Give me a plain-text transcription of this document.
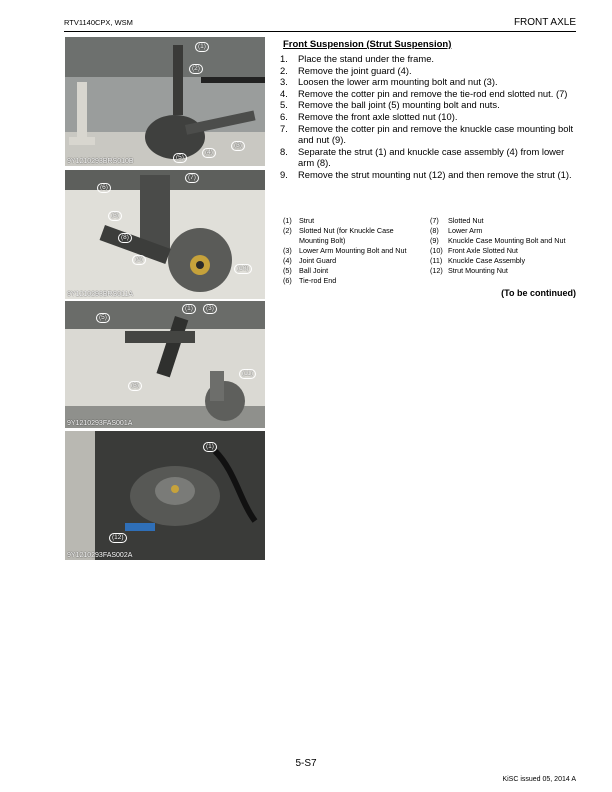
RTV1140CPX, WSM	FRONT AXLE
(1)
(2)
(3)
(4)
(5)
9Y1210293BRS010B
(6)
(7)
(3)
(8)
(9)
(10)
9Y1210293BRS011A
(5)
(1)	(3)
(3)
(11)
9Y1210293FAS001A
(1)
(12)
9Y1210293FAS002A
Front Suspension (Strut Suspension)
1. Place the stand under the frame.
2. Remove the joint guard (4).
3. Loosen the lower arm mounting bolt and nut (3).
4. Remove the cotter pin and remove the tie-rod end slotted nut. (7)
5. Remove the ball joint (5) mounting bolt and nuts.
6. Remove the front axle slotted nut (10).
7. Remove the cotter pin and remove the knuckle case mounting bolt and nut (9).
8. Separate the strut (1) and knuckle case assembly (4) from lower arm (8).
9. Remove the strut mounting nut (12) and then remove the strut (1).
(1) Strut
(2) Slotted Nut (for Knuckle Case Mounting Bolt)
(3) Lower Arm Mounting Bolt and Nut
(4) Joint Guard
(5) Ball Joint
(6) Tie-rod End
(7) Slotted Nut
(8) Lower Arm
(9) Knuckle Case Mounting Bolt and Nut
(10) Front Axle Slotted Nut
(11) Knuckle Case Assembly
(12) Strut Mounting Nut
(To be continued)
5-S7
KiSC issued 05, 2014 A
